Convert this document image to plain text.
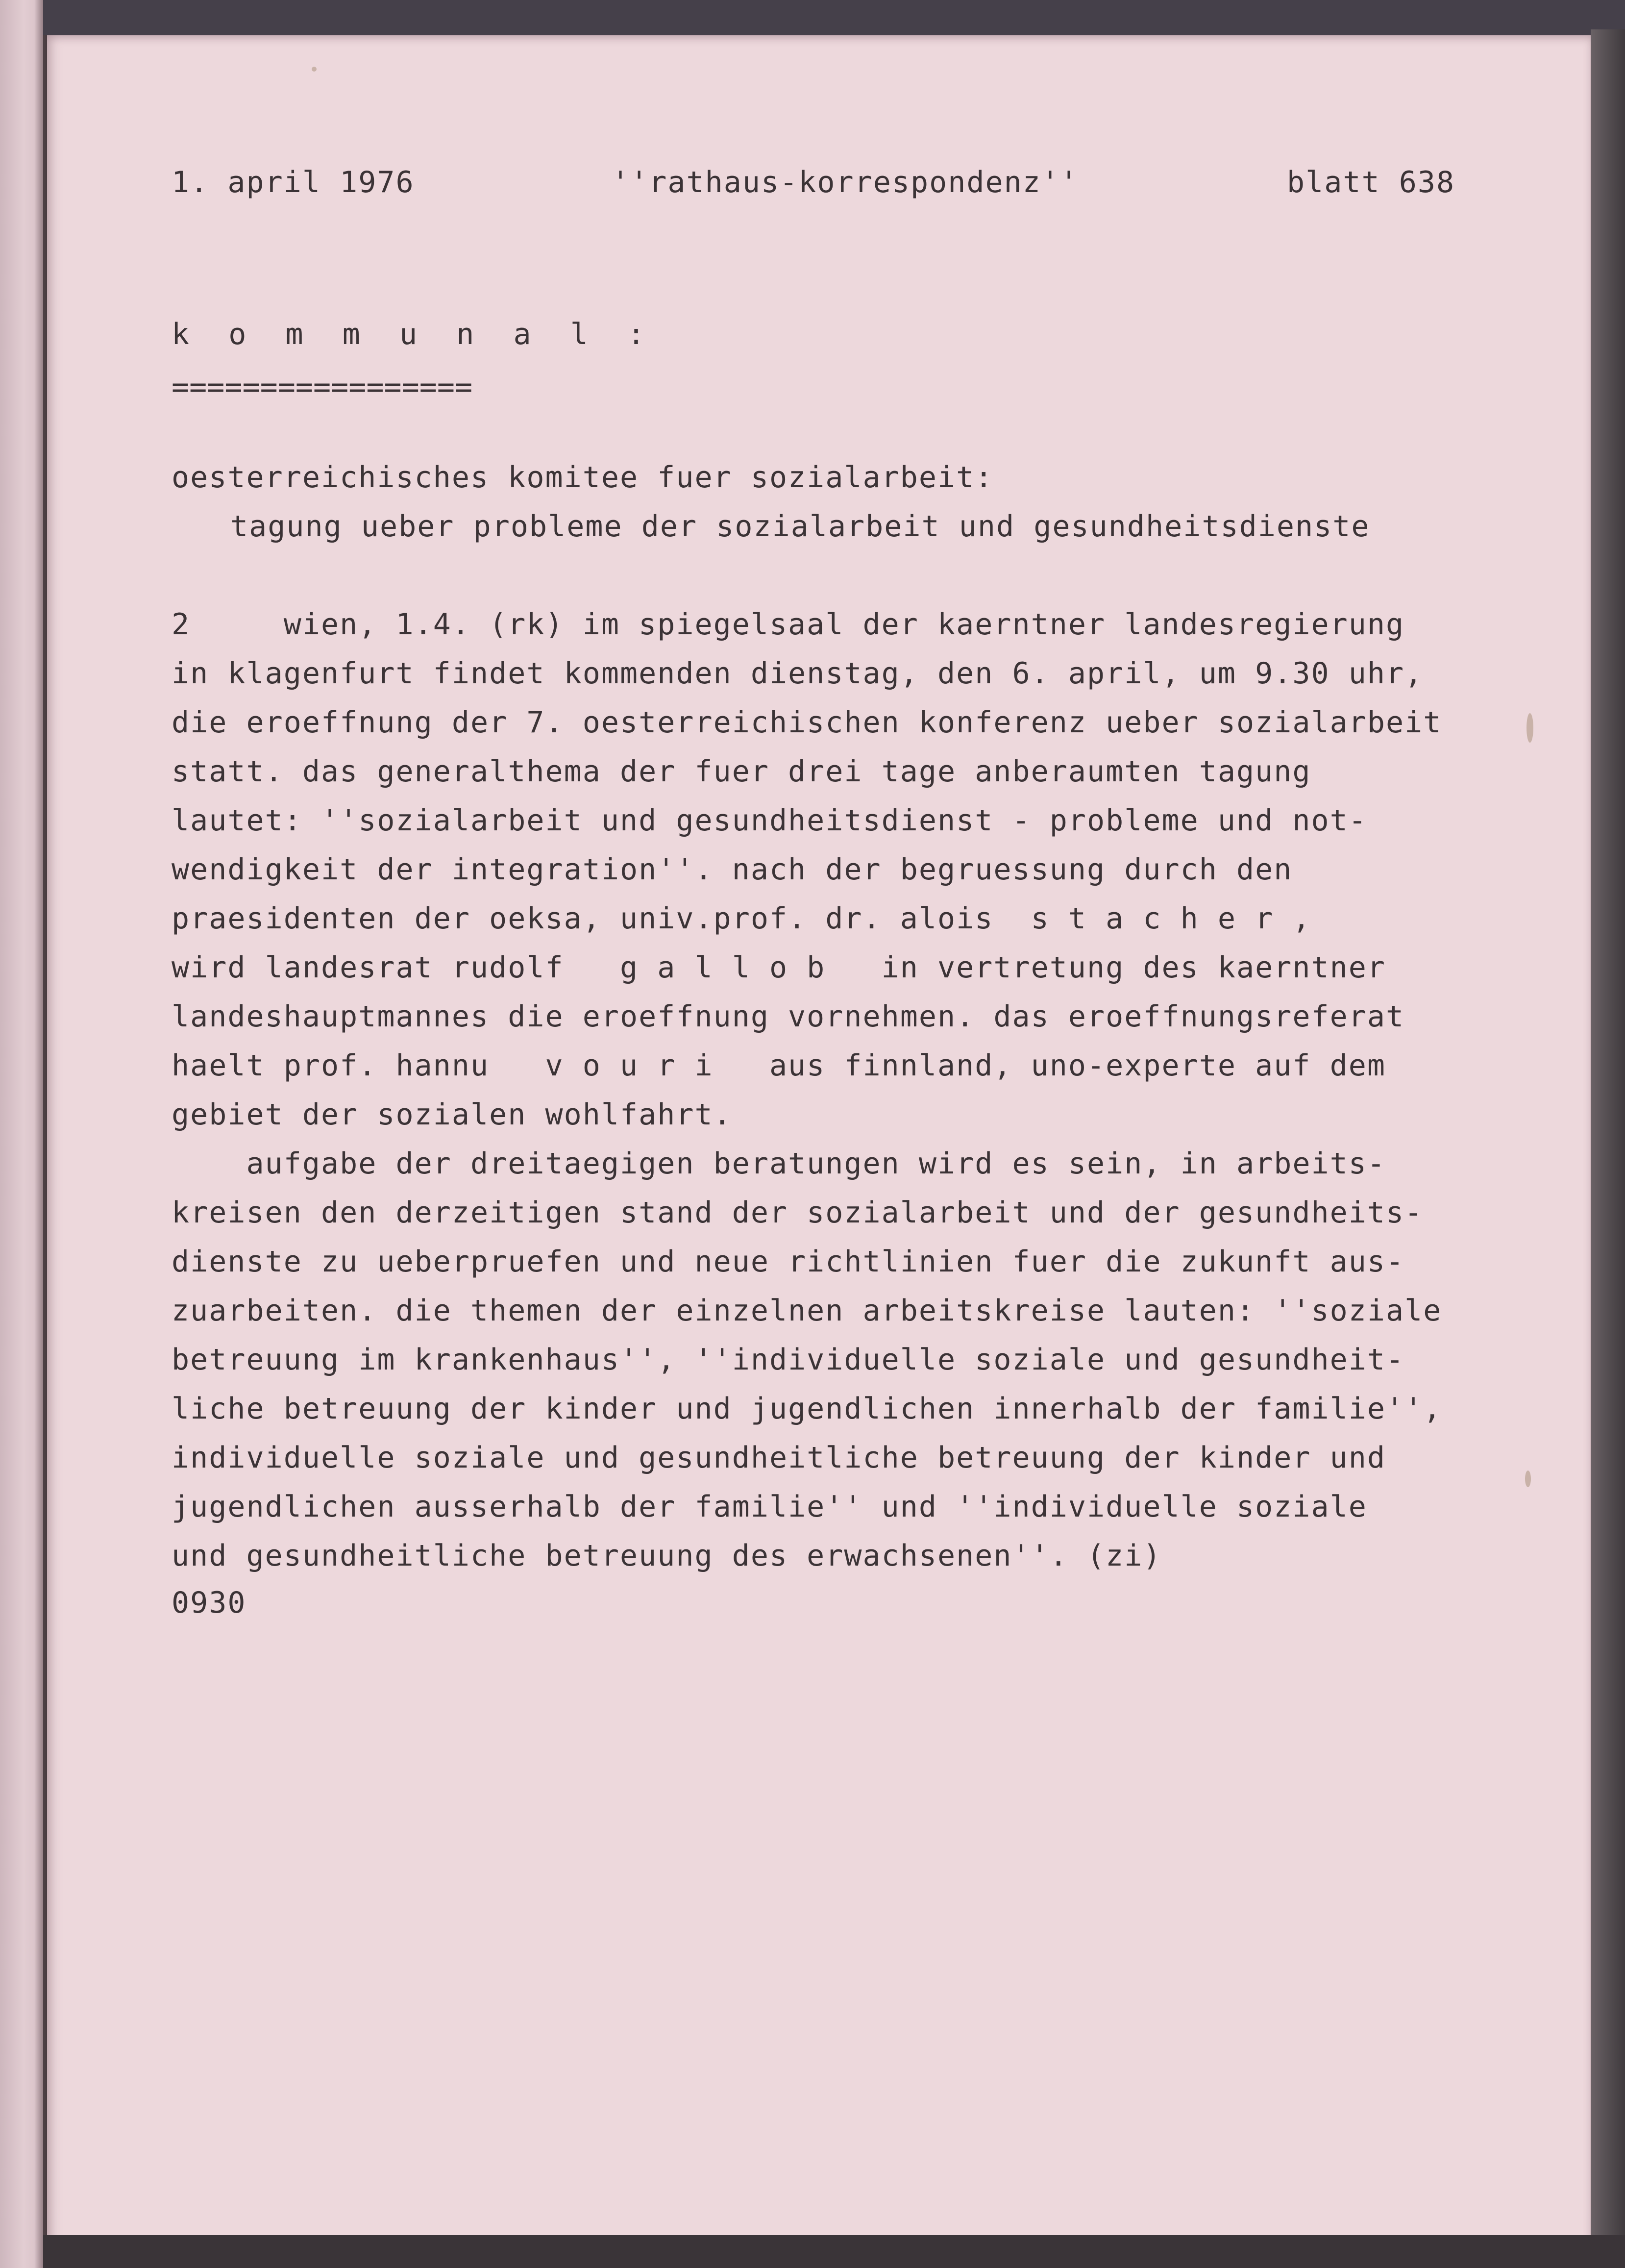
1. april 1976	''rathaus-korrespondenz''	blatt 638

k o m m u n a l :

=================

oesterreichisches komitee fuer sozialarbeit:

tagung ueber probleme der sozialarbeit und gesundheitsdienste

2     wien, 1.4. (rk) im spiegelsaal der kaerntner landesregierung

in klagenfurt findet kommenden dienstag, den 6. april, um 9.30 uhr,

die eroeffnung der 7. oesterreichischen konferenz ueber sozialarbeit

statt. das generalthema der fuer drei tage anberaumten tagung

lautet: ''sozialarbeit und gesundheitsdienst - probleme und not-

wendigkeit der integration''. nach der begruessung durch den

praesidenten der oeksa, univ.prof. dr. alois  s t a c h e r ,

wird landesrat rudolf   g a l l o b   in vertretung des kaerntner

landeshauptmannes die eroeffnung vornehmen. das eroeffnungsreferat

haelt prof. hannu   v o u r i   aus finnland, uno-experte auf dem

gebiet der sozialen wohlfahrt.

aufgabe der dreitaegigen beratungen wird es sein, in arbeits-

kreisen den derzeitigen stand der sozialarbeit und der gesundheits-

dienste zu ueberpruefen und neue richtlinien fuer die zukunft aus-

zuarbeiten. die themen der einzelnen arbeitskreise lauten: ''soziale

betreuung im krankenhaus'', ''individuelle soziale und gesundheit-

liche betreuung der kinder und jugendlichen innerhalb der familie'',

individuelle soziale und gesundheitliche betreuung der kinder und

jugendlichen ausserhalb der familie'' und ''individuelle soziale

und gesundheitliche betreuung des erwachsenen''. (zi)

0930
